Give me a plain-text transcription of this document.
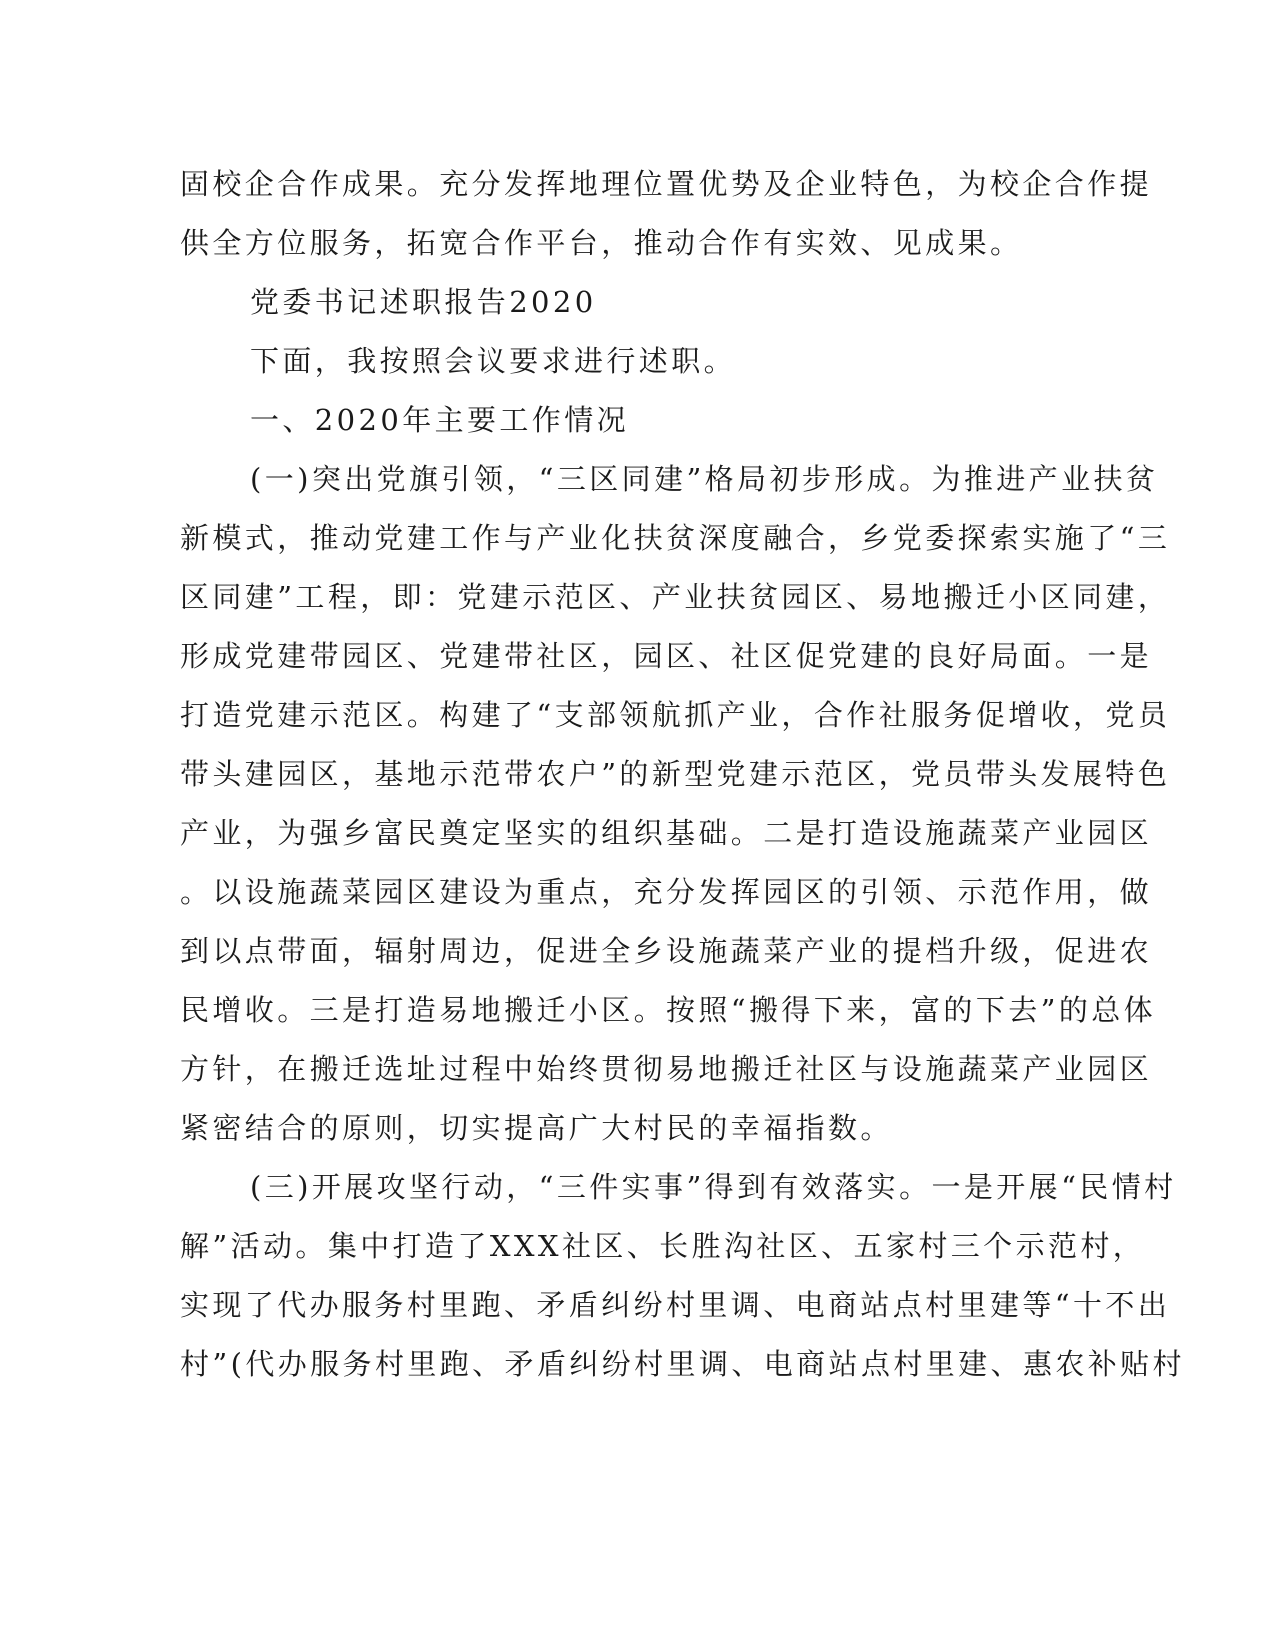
固校企合作成果。充分发挥地理位置优势及企业特色，为校企合作提
供全方位服务，拓宽合作平台，推动合作有实效、见成果。
党委书记述职报告2020
下面，我按照会议要求进行述职。
一、2020年主要工作情况
(一)突出党旗引领，“三区同建”格局初步形成。为推进产业扶贫
新模式，推动党建工作与产业化扶贫深度融合，乡党委探索实施了“三
区同建”工程，即：党建示范区、产业扶贫园区、易地搬迁小区同建，
形成党建带园区、党建带社区，园区、社区促党建的良好局面。一是
打造党建示范区。构建了“支部领航抓产业，合作社服务促增收，党员
带头建园区，基地示范带农户”的新型党建示范区，党员带头发展特色
产业，为强乡富民奠定坚实的组织基础。二是打造设施蔬菜产业园区
。以设施蔬菜园区建设为重点，充分发挥园区的引领、示范作用，做
到以点带面，辐射周边，促进全乡设施蔬菜产业的提档升级，促进农
民增收。三是打造易地搬迁小区。按照“搬得下来，富的下去”的总体
方针，在搬迁选址过程中始终贯彻易地搬迁社区与设施蔬菜产业园区
紧密结合的原则，切实提高广大村民的幸福指数。
(三)开展攻坚行动，“三件实事”得到有效落实。一是开展“民情村
解”活动。集中打造了XXX社区、长胜沟社区、五家村三个示范村，
实现了代办服务村里跑、矛盾纠纷村里调、电商站点村里建等“十不出
村”(代办服务村里跑、矛盾纠纷村里调、电商站点村里建、惠农补贴村
